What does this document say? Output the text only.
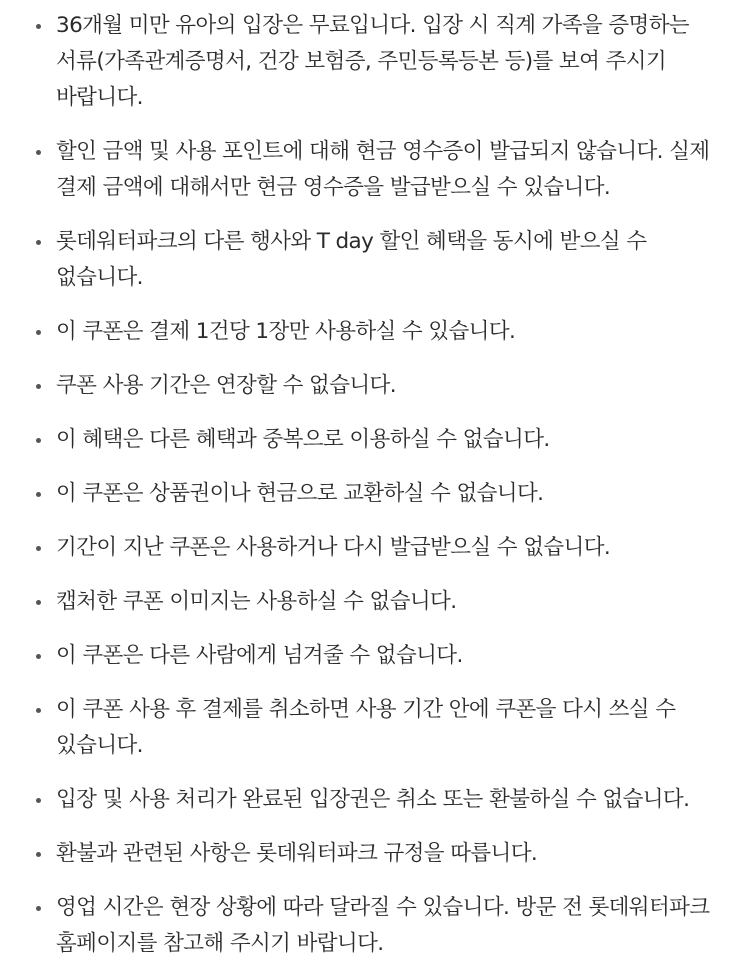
36개월 미만 유아의 입장은 무료입니다. 입장 시 직계 가족을 증명하는 서류(가족관계증명서, 건강 보험증, 주민등록등본 등)를 보여 주시기 바랍니다.
할인 금액 및 사용 포인트에 대해 현금 영수증이 발급되지 않습니다. 실제 결제 금액에 대해서만 현금 영수증을 발급받으실 수 있습니다.
롯데워터파크의 다른 행사와 T day 할인 혜택을 동시에 받으실 수 없습니다.
이 쿠폰은 결제 1건당 1장만 사용하실 수 있습니다.
쿠폰 사용 기간은 연장할 수 없습니다.
이 혜택은 다른 혜택과 중복으로 이용하실 수 없습니다.
이 쿠폰은 상품권이나 현금으로 교환하실 수 없습니다.
기간이 지난 쿠폰은 사용하거나 다시 발급받으실 수 없습니다.
캡처한 쿠폰 이미지는 사용하실 수 없습니다.
이 쿠폰은 다른 사람에게 넘겨줄 수 없습니다.
이 쿠폰 사용 후 결제를 취소하면 사용 기간 안에 쿠폰을 다시 쓰실 수 있습니다.
입장 및 사용 처리가 완료된 입장권은 취소 또는 환불하실 수 없습니다.
환불과 관련된 사항은 롯데워터파크 규정을 따릅니다.
영업 시간은 현장 상황에 따라 달라질 수 있습니다. 방문 전 롯데워터파크 홈페이지를 참고해 주시기 바랍니다.
